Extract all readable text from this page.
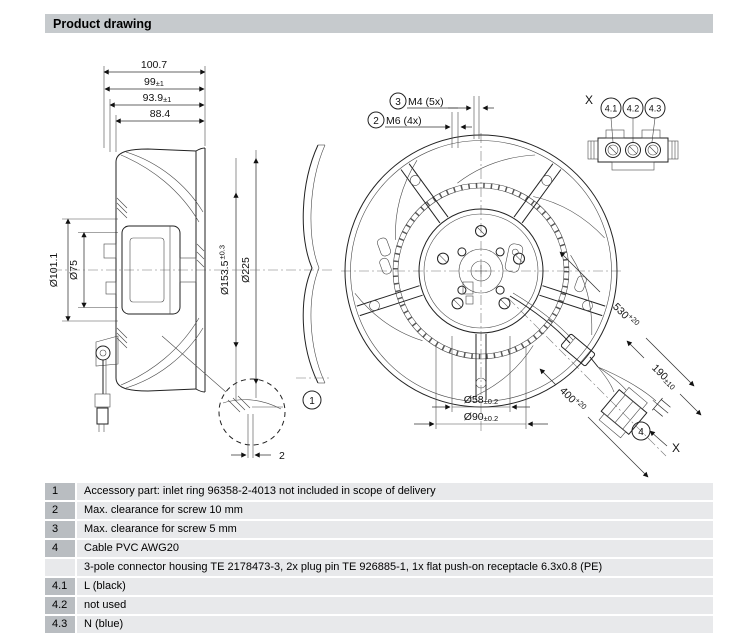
Product drawing
100.7
99±1
93.9±1
88.4
Ø101.1 Ø75	$Ø153.5^{\pm 0.3}$
Ø225
1
2
3 M4 (5x)
2 M6 (4x)
Ø58±0.2
Ø90±0.2
$530^{+20}$
190±10
$400^{+20}$
4
X
X
4.1 4.2 4.3
1	Accessory part: inlet ring 96358-2-4013 not included in scope of delivery
2	Max. clearance for screw 10 mm
3	Max. clearance for screw 5 mm
4	Cable PVC AWG20
3-pole connector housing TE 2178473-3, 2x plug pin TE 926885-1, 1x flat push-on receptacle 6.3x0.8 (PE)
4.1	L (black)
4.2	not used
4.3	N (blue)
